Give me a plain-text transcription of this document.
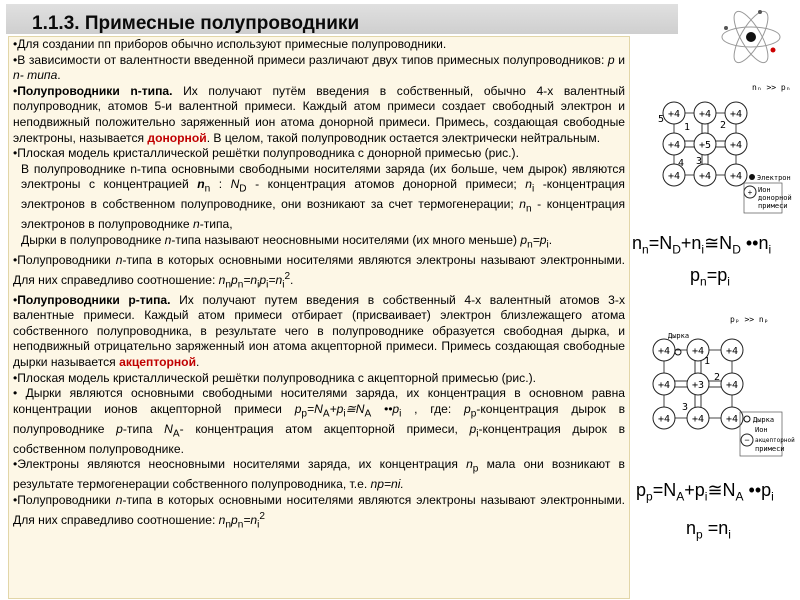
1.1.3. Примесные полупроводники

•Для создании пп приборов обычно используют примесные полупроводники.

•В зависимости от валентности введенной примеси различают двух типов примесных полупроводников: р и n- типа.

•Полупроводники n-типа. Их получают путём введения в собственный, обычно 4-х валентный полупроводник, атомов 5-и валентной примеси. Каждый атом примеси создает свободный электрон и неподвижный положительно заряженный ион атома донорной примеси. Примесь, создающая свободные электроны, называется донорной. В целом, такой полупроводник остается электрически нейтральным.

•Плоская модель кристаллической решётки полупроводника с донорной примесью (рис.).

В полупроводнике n-типа основными свободными носителями заряда (их больше, чем дырок) являются электроны с концентрацией $n_n$ : $N_D$ - концентрация атомов донорной примеси; $n_i$ -концентрация электронов в собственном полупроводнике, они возникают за счет термогенерации; $n_n$ - концентрация электронов в полупроводнике n-типа,

Дырки в полупроводнике n-типа называют неосновными носителями (их много меньше) $p_n=p_i$.

•Полупроводники n-типа в которых основными носителями являются электроны называют электронными. Для них справедливо соотношение: $n_np_n=n_ip_i=n_i^2$.

•Полупроводники р-типа. Их получают путем введения в собственный 4-х валентный атомов 3-х валентные примеси. Каждый атом примеси отбирает (присваивает) электрон близлежащего атома собственного полупроводника, в результате чего в полупроводнике образуется свободная дырка, и неподвижный отрицательно заряженный ион атома акцепторной примеси. Примесь создающая свободные дырки называется акцепторной.

•Плоская модель кристаллической решётки полупроводника с акцепторной примесью (рис.).

• Дырки являются основными свободными носителями заряда, их концентрация в основном равна концентрации ионов акцепторной примеси $p_p=N_A+p_i≅N_A$ $••p_i$ , где: $p_p$-концентрация дырок в полупроводнике p-типа $N_A-$ концентрация атом акцепторной примеси, $p_i$-концентрация дырок в собственном полупроводнике.

•Электроны являются неосновными носителями заряда, их концентрация $n_p$ мала они возникают в результате термогенерации собственного полупроводника, т.е. np=ni.

•Полупроводники n-типа в которых основными носителями являются электроны называют электронными. Для них справедливо соотношение: $n_np_n=n_i^2$

+4	+4
+4	+4
+4
+4	+4
+4
+5
nₙ >> pₙ
1	2
3
4
5
Электрон
+ Ион
донорной
примеси
+4	+4
+4	+4
+4
+4	+4
+4
+3
pₚ >> nₚ
Дырка
1
2
3
Дырка
−
Ион
акцепторной
примеси
$n_n=N_D+n_i≅N_D$ $••n_i$
$p_n=p_i$
$p_p=N_A+p_i≅N_A$ $••p_i$
$n_p =n_i$
